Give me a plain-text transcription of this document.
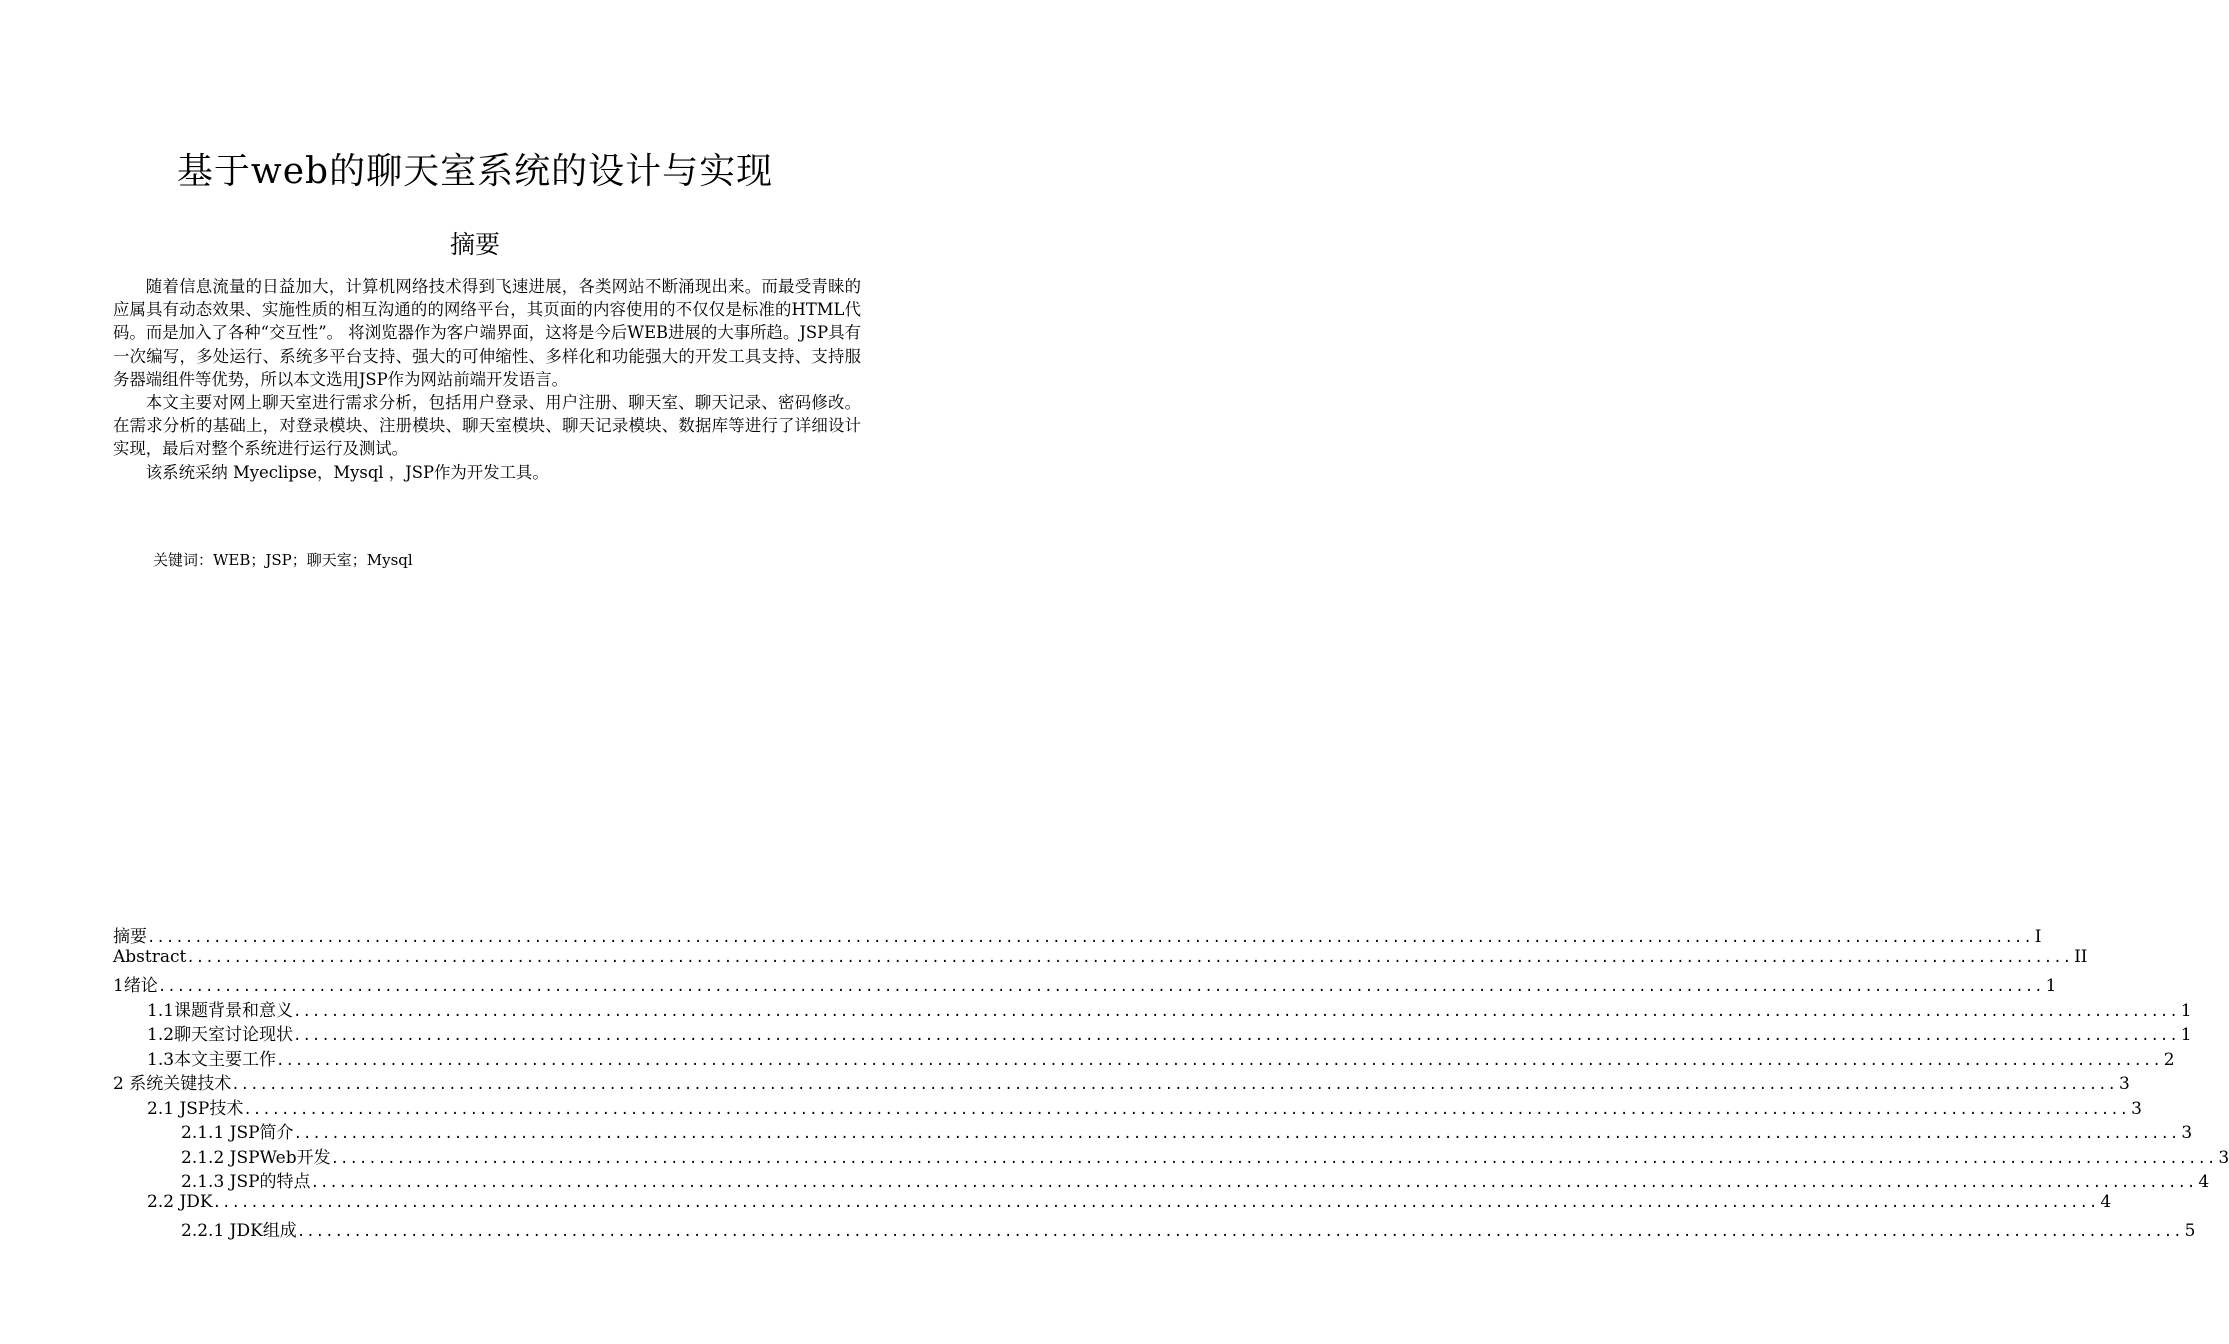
基于web的聊天室系统的设计与实现
摘要

随着信息流量的日益加大，计算机网络技术得到飞速进展，各类网站不断涌现出来。而最受青睐的应属具有动态效果、实施性质的相互沟通的的网络平台，其页面的内容使用的不仅仅是标准的HTML代码。而是加入了各种“交互性”。 将浏览器作为客户端界面，这将是今后WEB进展的大事所趋。JSP具有一次编写，多处运行、系统多平台支持、强大的可伸缩性、多样化和功能强大的开发工具支持、支持服务器端组件等优势，所以本文选用JSP作为网站前端开发语言。

本文主要对网上聊天室进行需求分析，包括用户登录、用户注册、聊天室、聊天记录、密码修改。在需求分析的基础上，对登录模块、注册模块、聊天室模块、聊天记录模块、数据库等进行了详细设计实现，最后对整个系统进行运行及测试。

该系统采纳 Myeclipse，Mysql ，JSP作为开发工具。

关键词：WEB；JSP；聊天室；Mysql
摘要 ........................................................................................................................................................................................................ I
Abstract ........................................................................................................................................................................................................ II
1绪论 ........................................................................................................................................................................................................ 1
1.1课题背景和意义 ........................................................................................................................................................................................................ 1
1.2聊天室讨论现状 ........................................................................................................................................................................................................ 1
1.3本文主要工作 ........................................................................................................................................................................................................ 2
2 系统关键技术 ........................................................................................................................................................................................................ 3
2.1 JSP技术 ........................................................................................................................................................................................................ 3
2.1.1 JSP简介 ........................................................................................................................................................................................................ 3
2.1.2 JSPWeb开发 ........................................................................................................................................................................................................ 3
2.1.3 JSP的特点 ........................................................................................................................................................................................................ 4
2.2 JDK ........................................................................................................................................................................................................ 4
2.2.1 JDK组成 ........................................................................................................................................................................................................ 5
